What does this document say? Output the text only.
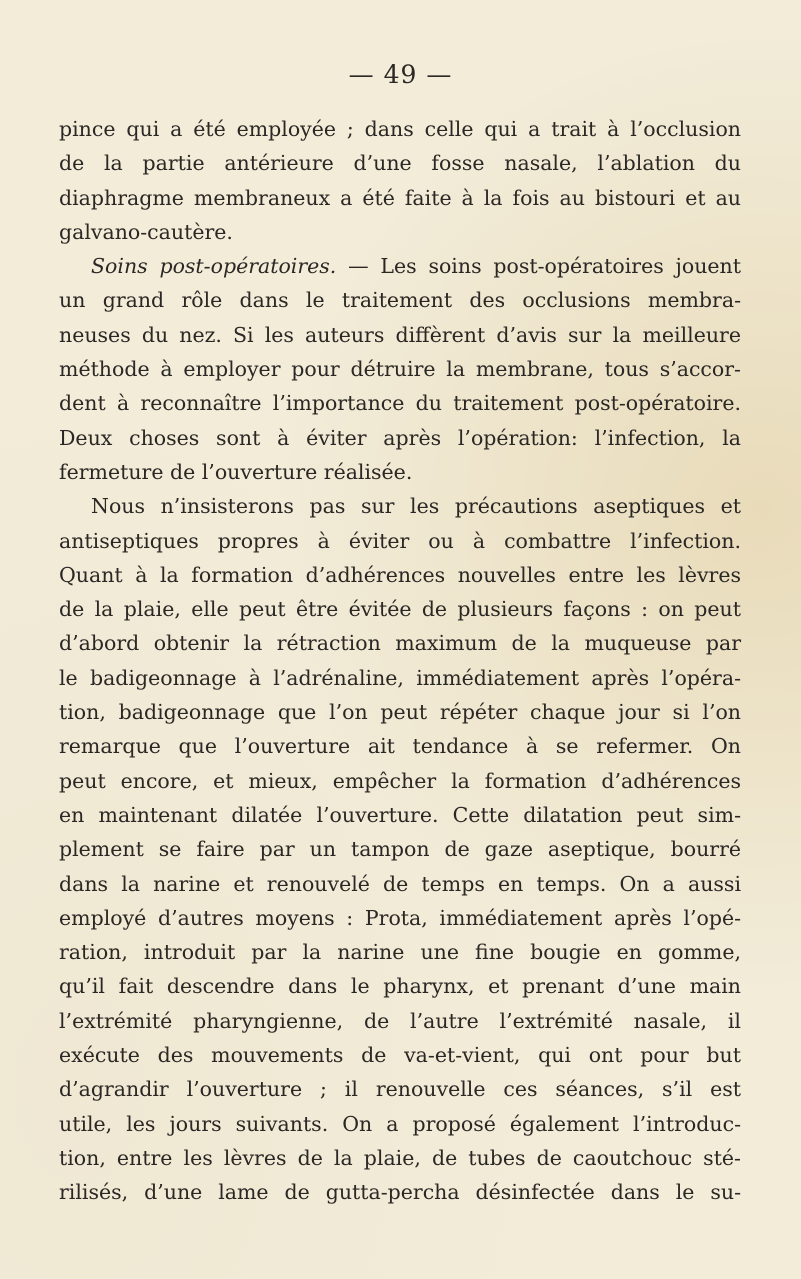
— 49 —
pince qui a été employée ; dans celle qui a trait à l’occlusion
de la partie antérieure d’une fosse nasale, l’ablation du
diaphragme membraneux a été faite à la fois au bistouri et au
galvano-cautère.
Soins post-opératoires. — Les soins post-opératoires jouent
un grand rôle dans le traitement des occlusions membra-
neuses du nez. Si les auteurs diffèrent d’avis sur la meilleure
méthode à employer pour détruire la membrane, tous s’accor-
dent à reconnaître l’importance du traitement post-opératoire.
Deux choses sont à éviter après l’opération: l’infection, la
fermeture de l’ouverture réalisée.
Nous n’insisterons pas sur les précautions aseptiques et
antiseptiques propres à éviter ou à combattre l’infection.
Quant à la formation d’adhérences nouvelles entre les lèvres
de la plaie, elle peut être évitée de plusieurs façons : on peut
d’abord obtenir la rétraction maximum de la muqueuse par
le badigeonnage à l’adrénaline, immédiatement après l’opéra-
tion, badigeonnage que l’on peut répéter chaque jour si l’on
remarque que l’ouverture ait tendance à se refermer. On
peut encore, et mieux, empêcher la formation d’adhérences
en maintenant dilatée l’ouverture. Cette dilatation peut sim-
plement se faire par un tampon de gaze aseptique, bourré
dans la narine et renouvelé de temps en temps. On a aussi
employé d’autres moyens : Prota, immédiatement après l’opé-
ration, introduit par la narine une fine bougie en gomme,
qu’il fait descendre dans le pharynx, et prenant d’une main
l’extrémité pharyngienne, de l’autre l’extrémité nasale, il
exécute des mouvements de va-et-vient, qui ont pour but
d’agrandir l’ouverture ; il renouvelle ces séances, s’il est
utile, les jours suivants. On a proposé également l’introduc-
tion, entre les lèvres de la plaie, de tubes de caoutchouc sté-
rilisés, d’une lame de gutta-percha désinfectée dans le su-
